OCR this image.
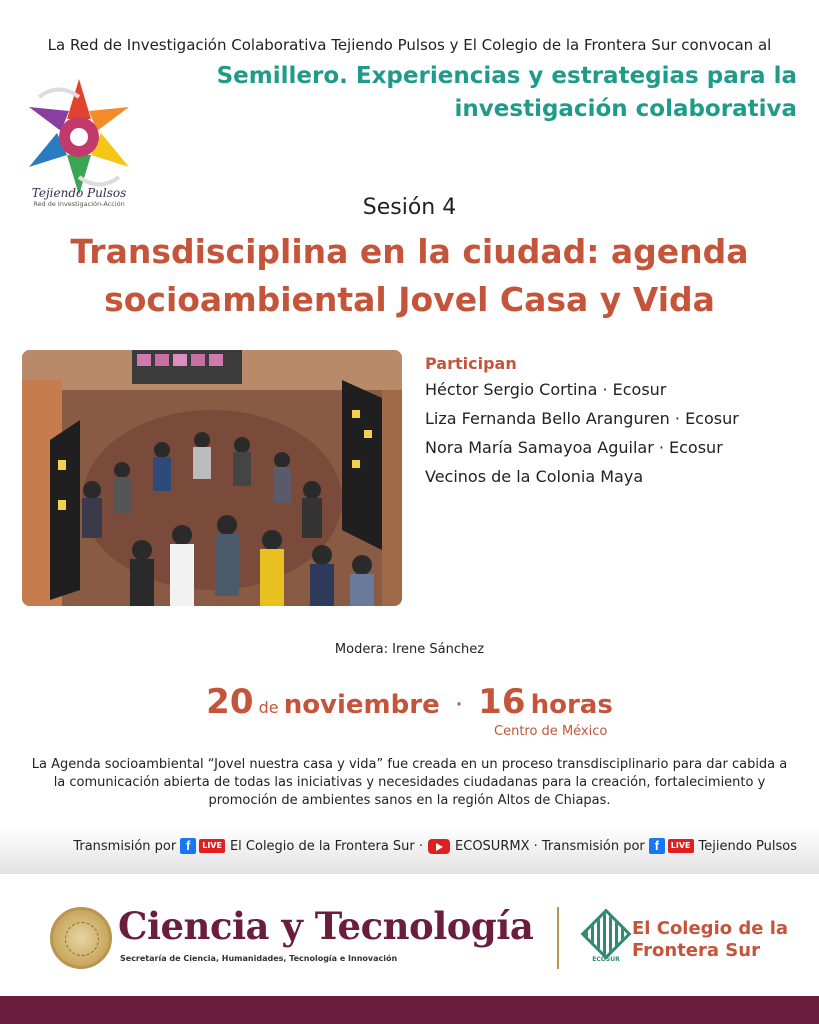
La Red de Investigación Colaborativa Tejiendo Pulsos y El Colegio de la Frontera Sur convocan al
Semillero. Experiencias y estrategias para la
investigación colaborativa
Tejiendo Pulsos
Red de Investigación-Acción	Sesión 4
Transdisciplina en la ciudad: agenda
socioambiental Jovel Casa y Vida
Participan
Héctor Sergio Cortina · Ecosur
Liza Fernanda Bello Aranguren · Ecosur
Nora María Samayoa Aguilar · Ecosur
Vecinos de la Colonia Maya
Modera: Irene Sánchez
20 de noviembre · 16 horas
Centro de México
La Agenda socioambiental “Jovel nuestra casa y vida” fue creada en un proceso transdisciplinario para dar cabida a la comunicación abierta de todas las iniciativas y necesidades ciudadanas para la creación, fortalecimiento y promoción de ambientes sanos en la región Altos de Chiapas.
Transmisión por f	LIVE El Colegio de la Frontera Sur · ECOSURMX · Transmisión por f	LIVE Tejiendo Pulsos
Ciencia y Tecnología
Secretaría de Ciencia, Humanidades, Tecnología e Innovación	ECOSUR
El Colegio de la
Frontera Sur
